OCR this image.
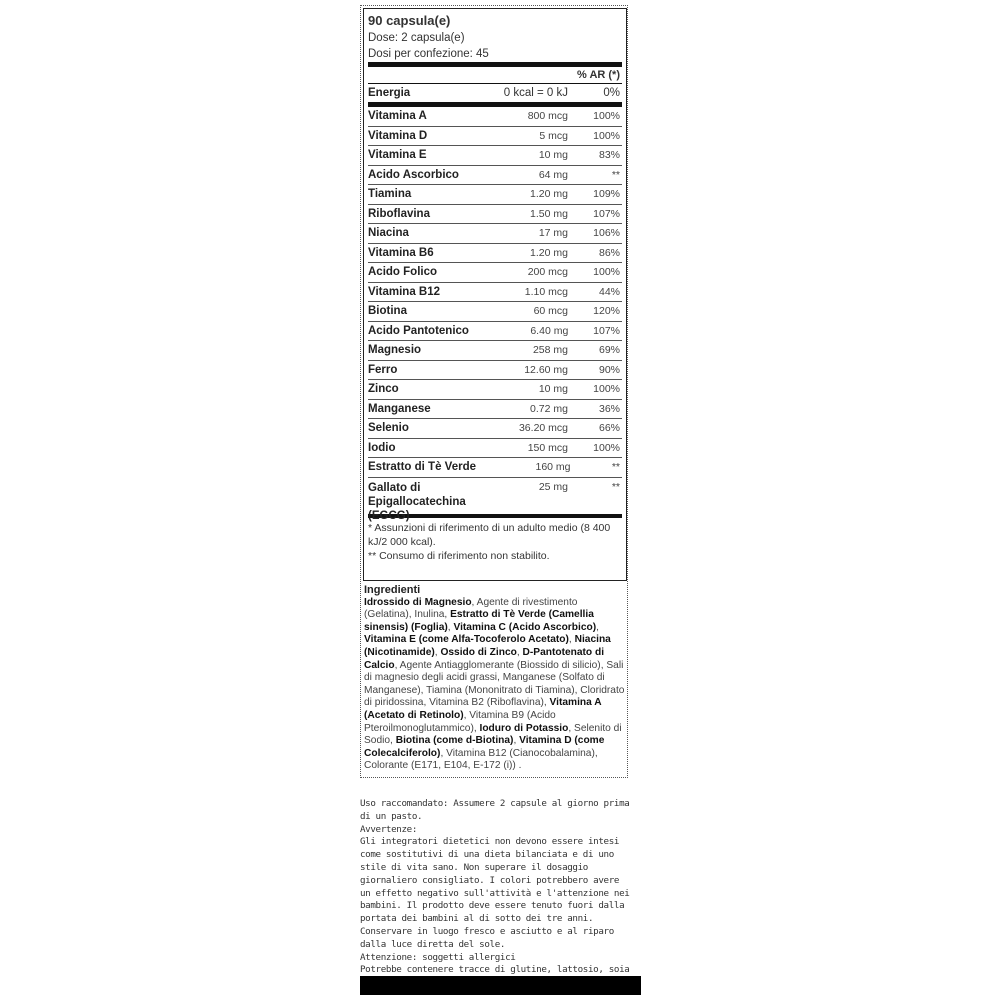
90 capsula(e)
Dose: 2 capsula(e)
Dosi per confezione: 45
% AR (*)
Energia	0 kcal = 0 kJ	0%
Vitamina A	800 mcg	100%
Vitamina D	5 mcg	100%
Vitamina E	10 mg	83%
Acido Ascorbico	64 mg	**
Tiamina	1.20 mg	109%
Riboflavina	1.50 mg	107%
Niacina	17 mg	106%
Vitamina B6	1.20 mg	86%
Acido Folico	200 mcg	100%
Vitamina B12	1.10 mcg	44%
Biotina	60 mcg	120%
Acido Pantotenico	6.40 mg	107%
Magnesio	258 mg	69%
Ferro	12.60 mg	90%
Zinco	10 mg	100%
Manganese	0.72 mg	36%
Selenio	36.20 mcg	66%
Iodio	150 mcg	100%
Estratto di Tè Verde	160 mg	**
Gallato di Epigallocatechina (EGCG)
25 mg	**
* Assunzioni di riferimento di un adulto medio (8 400 kJ/2 000 kcal).
** Consumo di riferimento non stabilito.
Ingredienti
Idrossido di Magnesio, Agente di rivestimento (Gelatina), Inulina, Estratto di Tè Verde (Camellia sinensis) (Foglia), Vitamina C (Acido Ascorbico), Vitamina E (come Alfa-Tocoferolo Acetato), Niacina (Nicotinamide), Ossido di Zinco, D-Pantotenato di Calcio, Agente Antiagglomerante (Biossido di silicio), Sali di magnesio degli acidi grassi, Manganese (Solfato di Manganese), Tiamina (Mononitrato di Tiamina), Cloridrato di piridossina, Vitamina B2 (Riboflavina), Vitamina A (Acetato di Retinolo), Vitamina B9 (Acido Pteroilmonoglutammico), Ioduro di Potassio, Selenito di Sodio, Biotina (come d-Biotina), Vitamina D (come Colecalciferolo), Vitamina B12 (Cianocobalamina), Colorante (E171, E104, E-172 (i)) .

Uso raccomandato: Assumere 2 capsule al giorno prima di un pasto.

Avvertenze:

Gli integratori dietetici non devono essere intesi come sostitutivi di una dieta bilanciata e di uno stile di vita sano. Non superare il dosaggio giornaliero consigliato. I colori potrebbero avere un effetto negativo sull'attività e l'attenzione nei bambini. Il prodotto deve essere tenuto fuori dalla portata dei bambini al di sotto dei tre anni. Conservare in luogo fresco e asciutto e al riparo dalla luce diretta del sole.

Attenzione: soggetti allergici

Potrebbe contenere tracce di glutine, lattosio, soia
